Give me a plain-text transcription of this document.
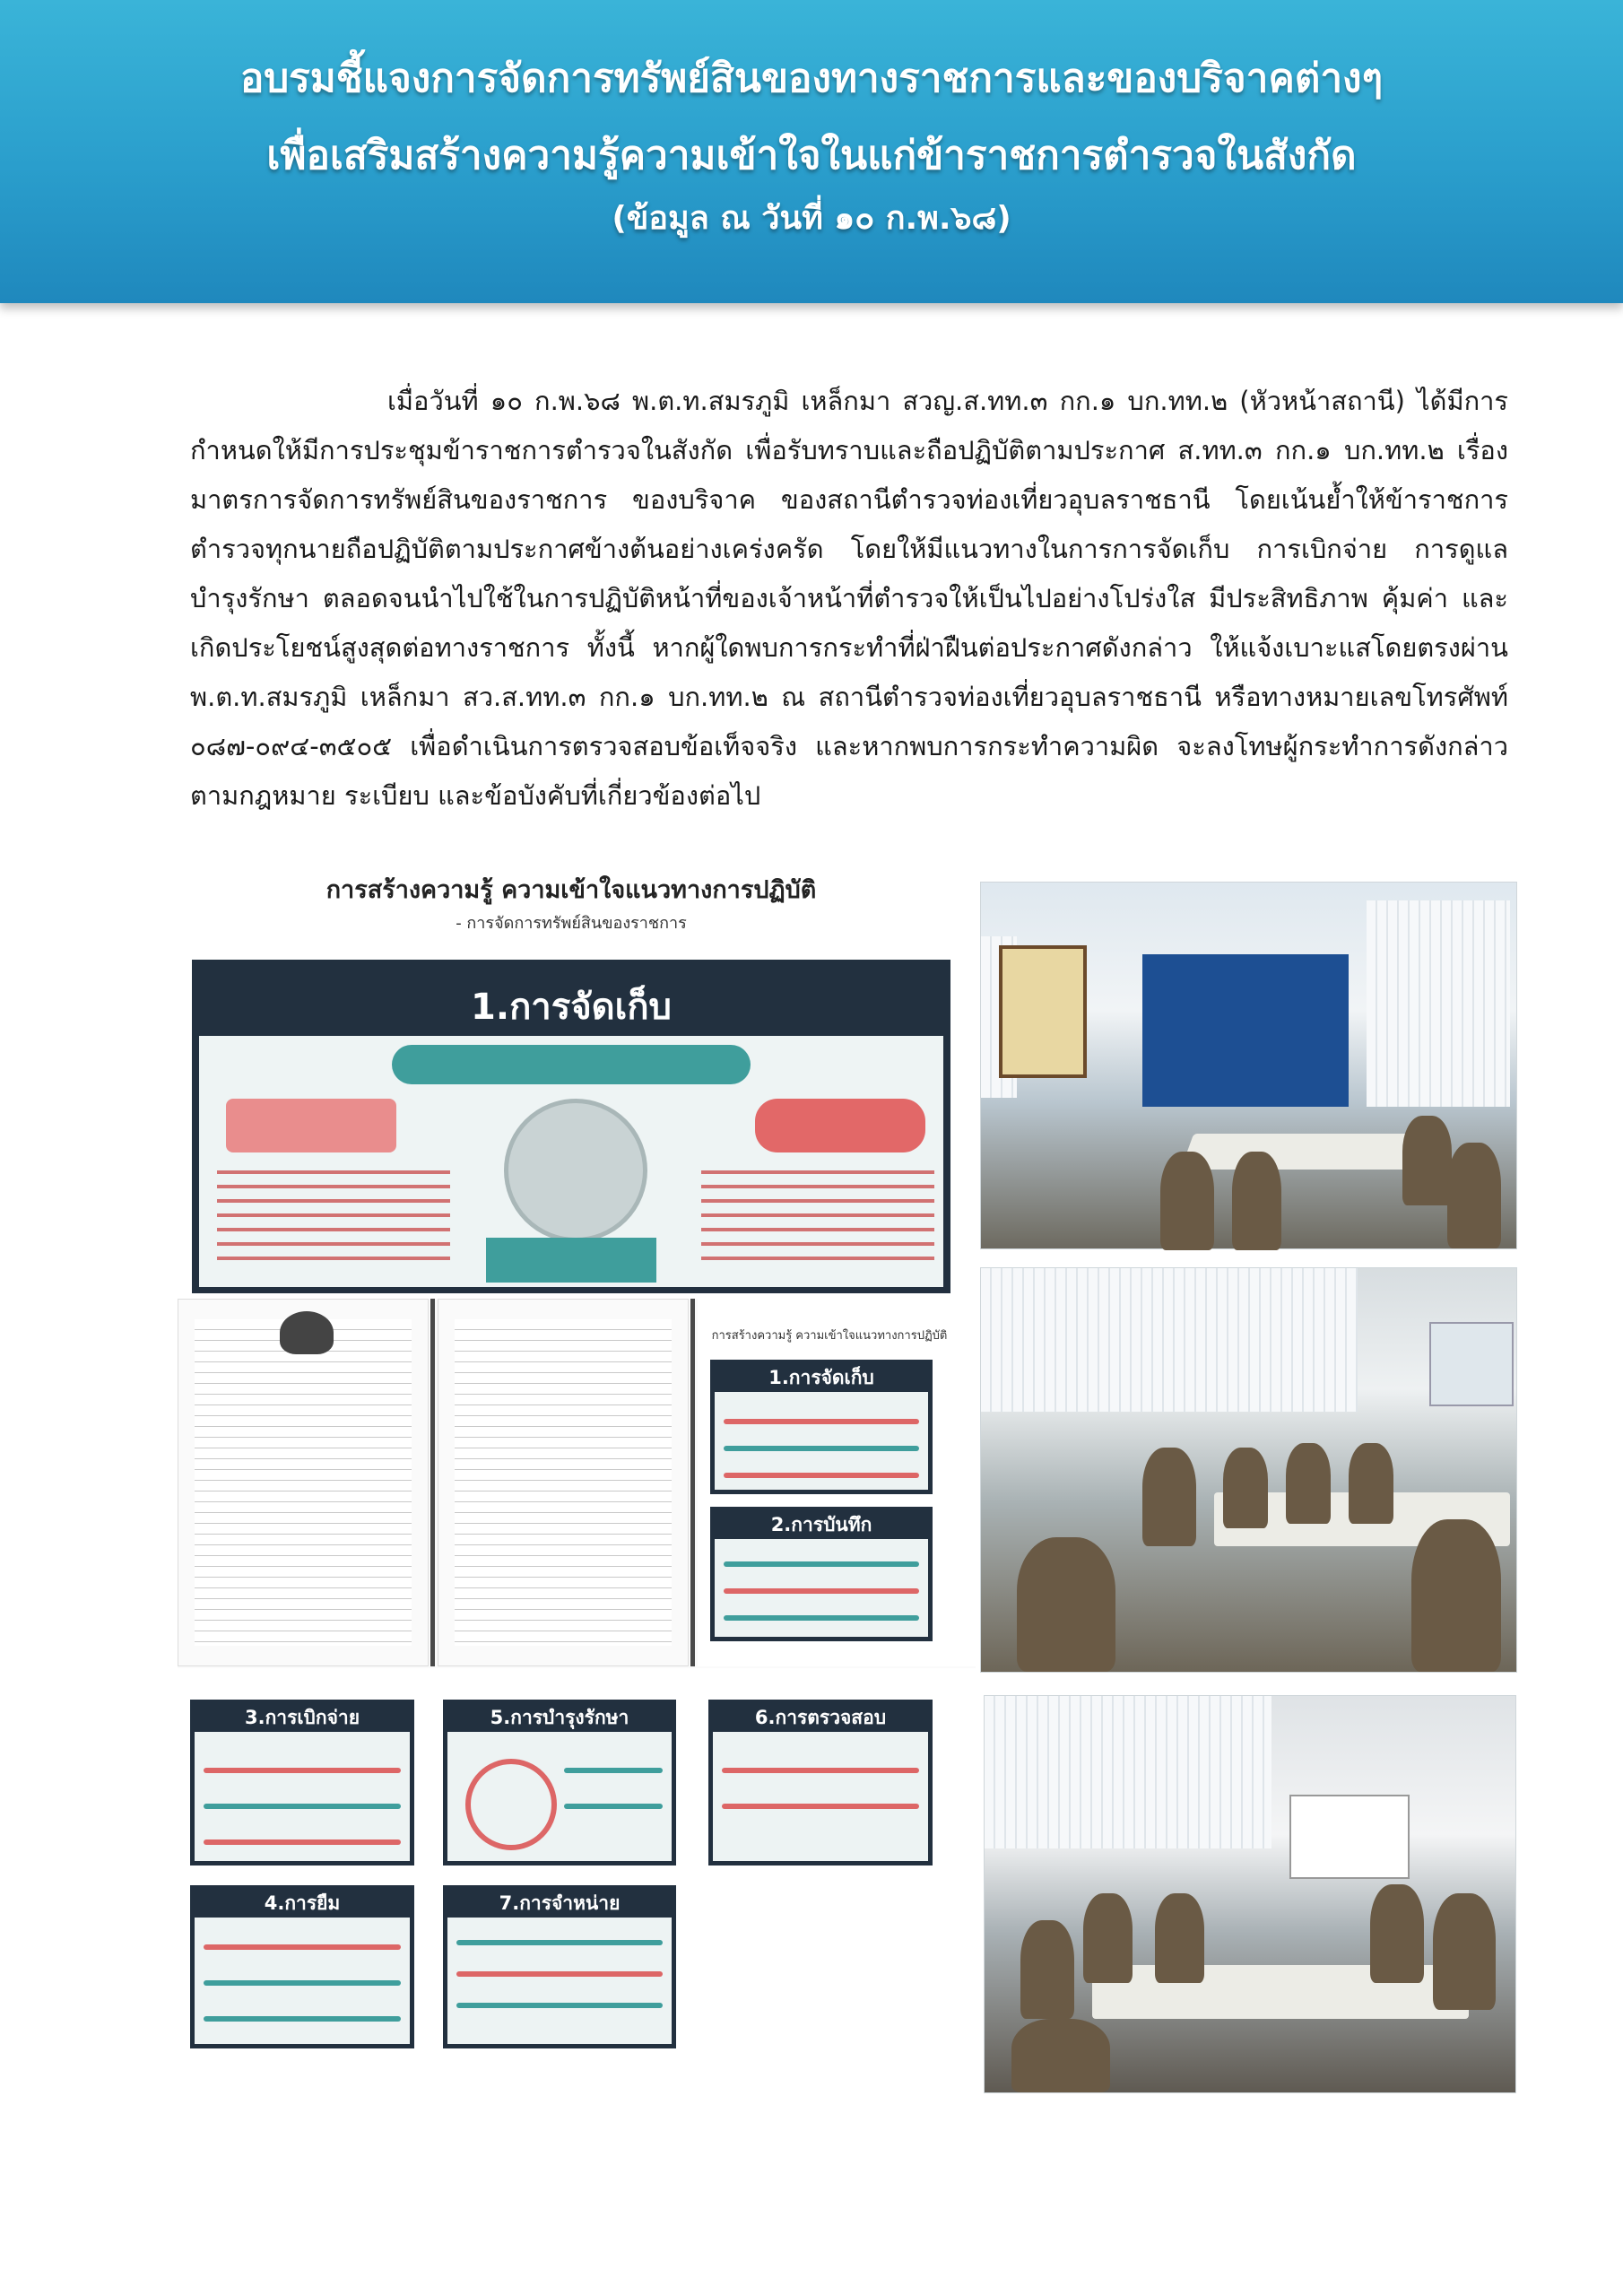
อบรมชี้แจงการจัดการทรัพย์สินของทางราชการและของบริจาคต่างๆ
เพื่อเสริมสร้างความรู้ความเข้าใจในแก่ข้าราชการตำรวจในสังกัด
(ข้อมูล ณ วันที่ ๑๐ ก.พ.๖๘)

เมื่อวันที่ ๑๐ ก.พ.๖๘ พ.ต.ท.สมรภูมิ เหล็กมา สวญ.ส.ทท.๓ กก.๑ บก.ทท.๒ (หัวหน้าสถานี) ได้มีการกำหนดให้มีการประชุมข้าราชการตำรวจในสังกัด เพื่อรับทราบและถือปฏิบัติตามประกาศ ส.ทท.๓ กก.๑ บก.ทท.๒ เรื่อง มาตรการจัดการทรัพย์สินของราชการ ของบริจาค ของสถานีตำรวจท่องเที่ยวอุบลราชธานี โดยเน้นย้ำให้ข้าราชการตำรวจทุกนายถือปฏิบัติตามประกาศข้างต้นอย่างเคร่งครัด โดยให้มีแนวทางในการการจัดเก็บ การเบิกจ่าย การดูแลบำรุงรักษา ตลอดจนนำไปใช้ในการปฏิบัติหน้าที่ของเจ้าหน้าที่ตำรวจให้เป็นไปอย่างโปร่งใส มีประสิทธิภาพ คุ้มค่า และเกิดประโยชน์สูงสุดต่อทางราชการ ทั้งนี้ หากผู้ใดพบการกระทำที่ฝ่าฝืนต่อประกาศดังกล่าว ให้แจ้งเบาะแสโดยตรงผ่าน พ.ต.ท.สมรภูมิ เหล็กมา สว.ส.ทท.๓ กก.๑ บก.ทท.๒ ณ สถานีตำรวจท่องเที่ยวอุบลราชธานี หรือทางหมายเลขโทรศัพท์ ๐๘๗-๐๙๔-๓๕๐๕ เพื่อดำเนินการตรวจสอบข้อเท็จจริง และหากพบการกระทำความผิด จะลงโทษผู้กระทำการดังกล่าว ตามกฎหมาย ระเบียบ และข้อบังคับที่เกี่ยวข้องต่อไป

การสร้างความรู้ ความเข้าใจแนวทางการปฏิบัติ
- การจัดการทรัพย์สินของราชการ
1.การจัดเก็บ
การสร้างความรู้ ความเข้าใจแนวทางการปฏิบัติ
1.การจัดเก็บ
2.การบันทึก
3.การเบิกจ่าย	5.การบำรุงรักษา	6.การตรวจสอบ
4.การยืม	7.การจำหน่าย
